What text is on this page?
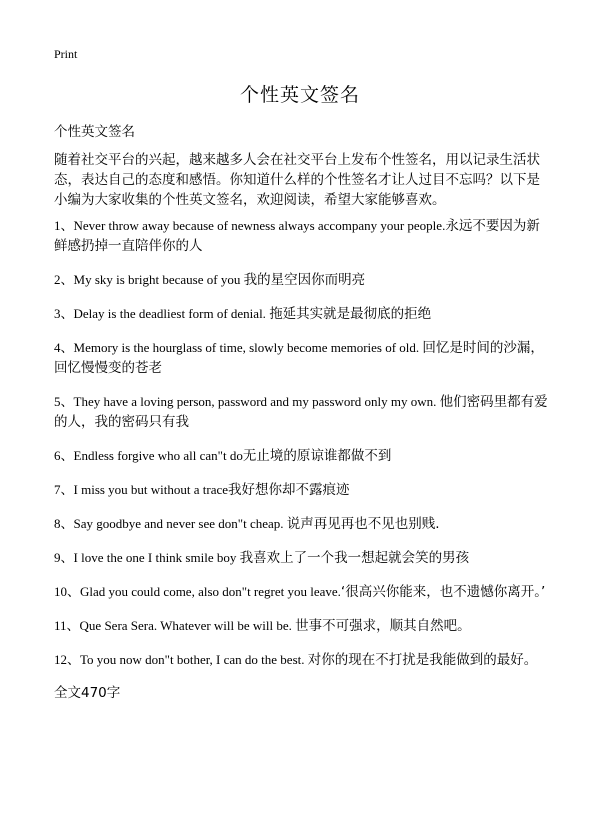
Print
个性英文签名
个性英文签名
随着社交平台的兴起，越来越多人会在社交平台上发布个性签名，用以记录生活状态，表达自己的态度和感悟。你知道什么样的个性签名才让人过目不忘吗？以下是小编为大家收集的个性英文签名，欢迎阅读，希望大家能够喜欢。
1、Never throw away because of newness always accompany your people.永远不要因为新鲜感扔掉一直陪伴你的人
2、My sky is bright because of you 我的星空因你而明亮
3、Delay is the deadliest form of denial. 拖延其实就是最彻底的拒绝
4、Memory is the hourglass of time, slowly become memories of old. 回忆是时间的沙漏，回忆慢慢变的苍老
5、They have a loving person, password and my password only my own. 他们密码里都有爱的人，我的密码只有我
6、Endless forgive who all can"t do无止境的原谅谁都做不到
7、I miss you but without a trace我好想你却不露痕迹
8、Say goodbye and never see don"t cheap. 说声再见再也不见也别贱.
9、I love the one I think smile boy 我喜欢上了一个我一想起就会笑的男孩
10、Glad you could come, also don"t regret you leave.‘很高兴你能来，也不遗憾你离开。’
11、Que Sera Sera. Whatever will be will be. 世事不可强求，顺其自然吧。
12、To you now don"t bother, I can do the best. 对你的现在不打扰是我能做到的最好。
全文470字
